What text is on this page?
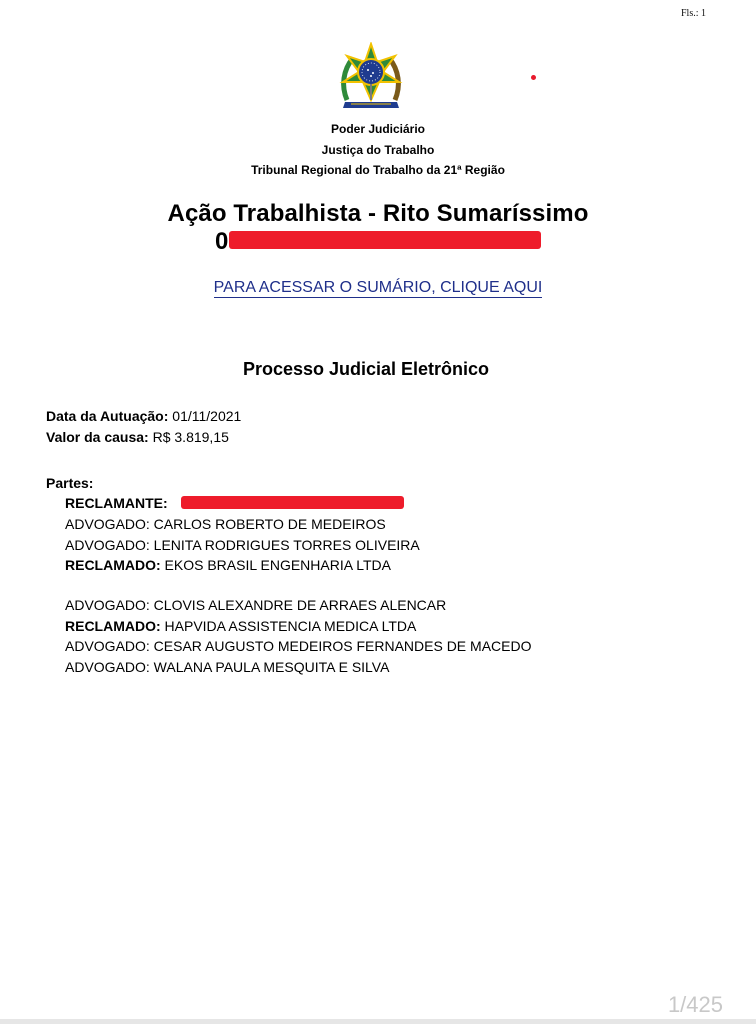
Fls.: 1
Poder Judiciário
Justiça do Trabalho
Tribunal Regional do Trabalho da 21ª Região
Ação Trabalhista - Rito Sumaríssimo
0
PARA ACESSAR O SUMÁRIO, CLIQUE AQUI
Processo Judicial Eletrônico
Data da Autuação: 01/11/2021
Valor da causa: R$ 3.819,15
Partes:
RECLAMANTE:
ADVOGADO: CARLOS ROBERTO DE MEDEIROS
ADVOGADO: LENITA RODRIGUES TORRES OLIVEIRA
RECLAMADO: EKOS BRASIL ENGENHARIA LTDA
ADVOGADO: CLOVIS ALEXANDRE DE ARRAES ALENCAR
RECLAMADO: HAPVIDA ASSISTENCIA MEDICA LTDA
ADVOGADO: CESAR AUGUSTO MEDEIROS FERNANDES DE MACEDO
ADVOGADO: WALANA PAULA MESQUITA E SILVA
1/425
